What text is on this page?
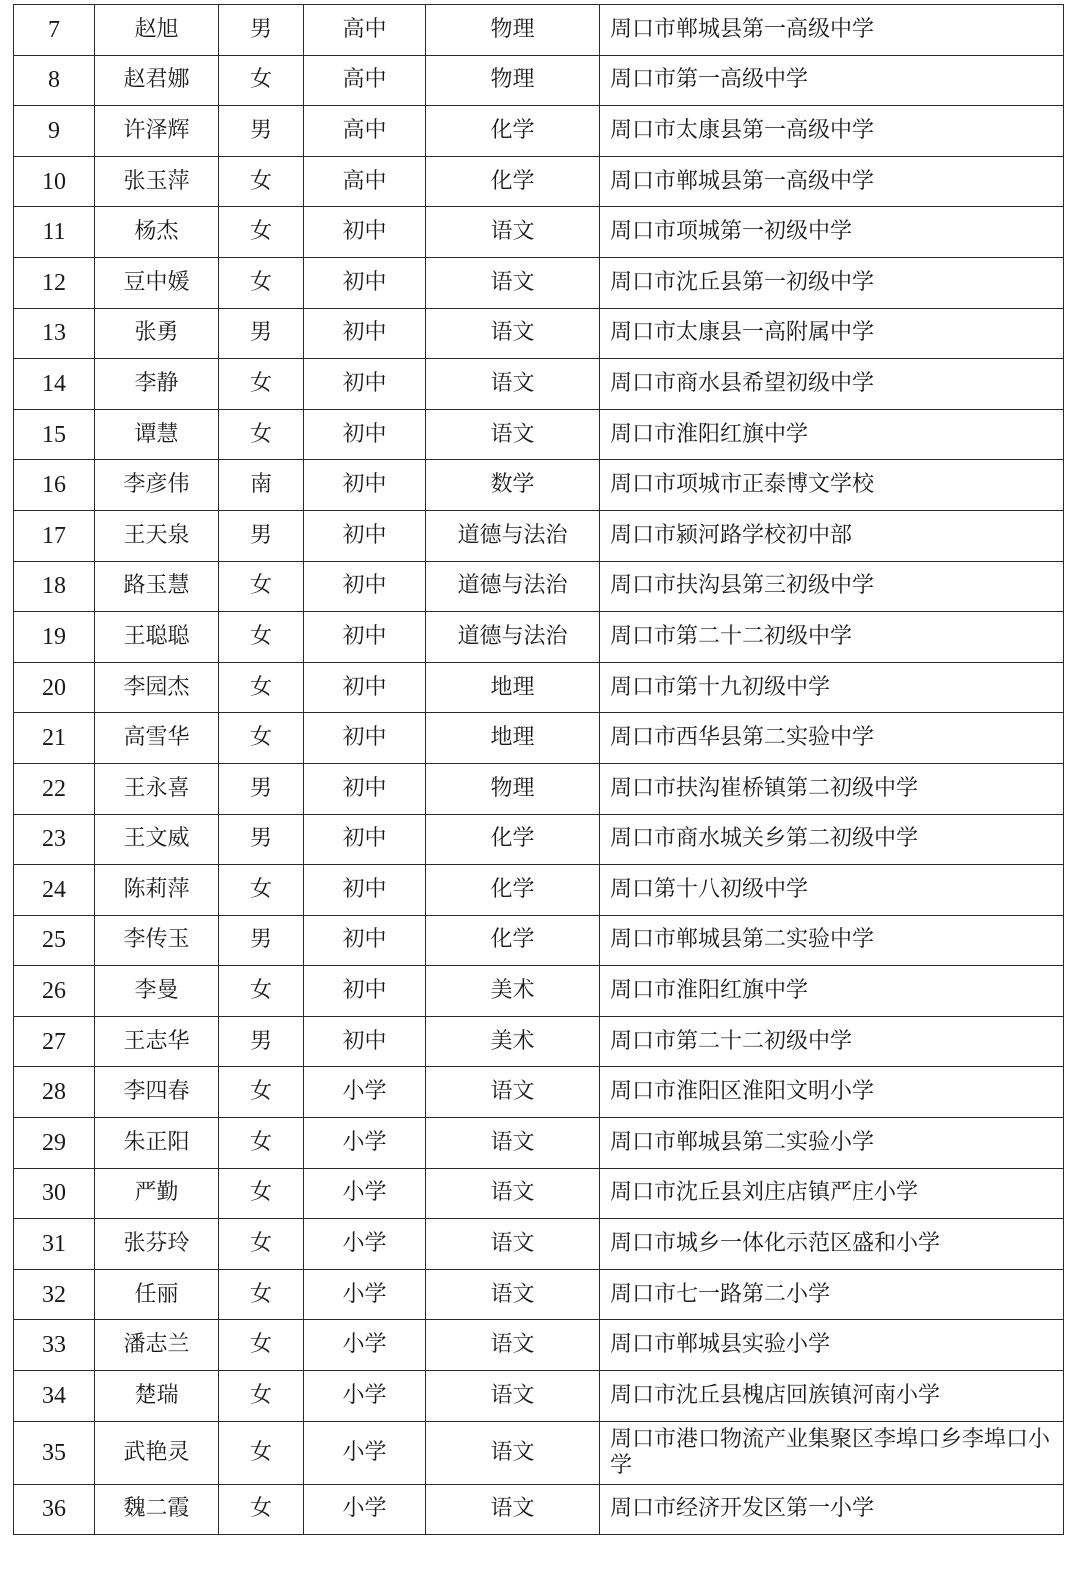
7	赵旭	男	高中	物理	周口市郸城县第一高级中学
8	赵君娜	女	高中	物理	周口市第一高级中学
9	许泽辉	男	高中	化学	周口市太康县第一高级中学
10	张玉萍	女	高中	化学	周口市郸城县第一高级中学
11	杨杰	女	初中	语文	周口市项城第一初级中学
12	豆中媛	女	初中	语文	周口市沈丘县第一初级中学
13	张勇	男	初中	语文	周口市太康县一高附属中学
14	李静	女	初中	语文	周口市商水县希望初级中学
15	谭慧	女	初中	语文	周口市淮阳红旗中学
16	李彦伟	南	初中	数学	周口市项城市正泰博文学校
17	王天泉	男	初中	道德与法治	周口市颍河路学校初中部
18	路玉慧	女	初中	道德与法治	周口市扶沟县第三初级中学
19	王聪聪	女	初中	道德与法治	周口市第二十二初级中学
20	李园杰	女	初中	地理	周口市第十九初级中学
21	高雪华	女	初中	地理	周口市西华县第二实验中学
22	王永喜	男	初中	物理	周口市扶沟崔桥镇第二初级中学
23	王文威	男	初中	化学	周口市商水城关乡第二初级中学
24	陈莉萍	女	初中	化学	周口第十八初级中学
25	李传玉	男	初中	化学	周口市郸城县第二实验中学
26	李曼	女	初中	美术	周口市淮阳红旗中学
27	王志华	男	初中	美术	周口市第二十二初级中学
28	李四春	女	小学	语文	周口市淮阳区淮阳文明小学
29	朱正阳	女	小学	语文	周口市郸城县第二实验小学
30	严勤	女	小学	语文	周口市沈丘县刘庄店镇严庄小学
31	张芬玲	女	小学	语文	周口市城乡一体化示范区盛和小学
32	任丽	女	小学	语文	周口市七一路第二小学
33	潘志兰	女	小学	语文	周口市郸城县实验小学
34	楚瑞	女	小学	语文	周口市沈丘县槐店回族镇河南小学
35	武艳灵	女	小学	语文	周口市港口物流产业集聚区李埠口乡李埠口小学
36	魏二霞	女	小学	语文	周口市经济开发区第一小学
